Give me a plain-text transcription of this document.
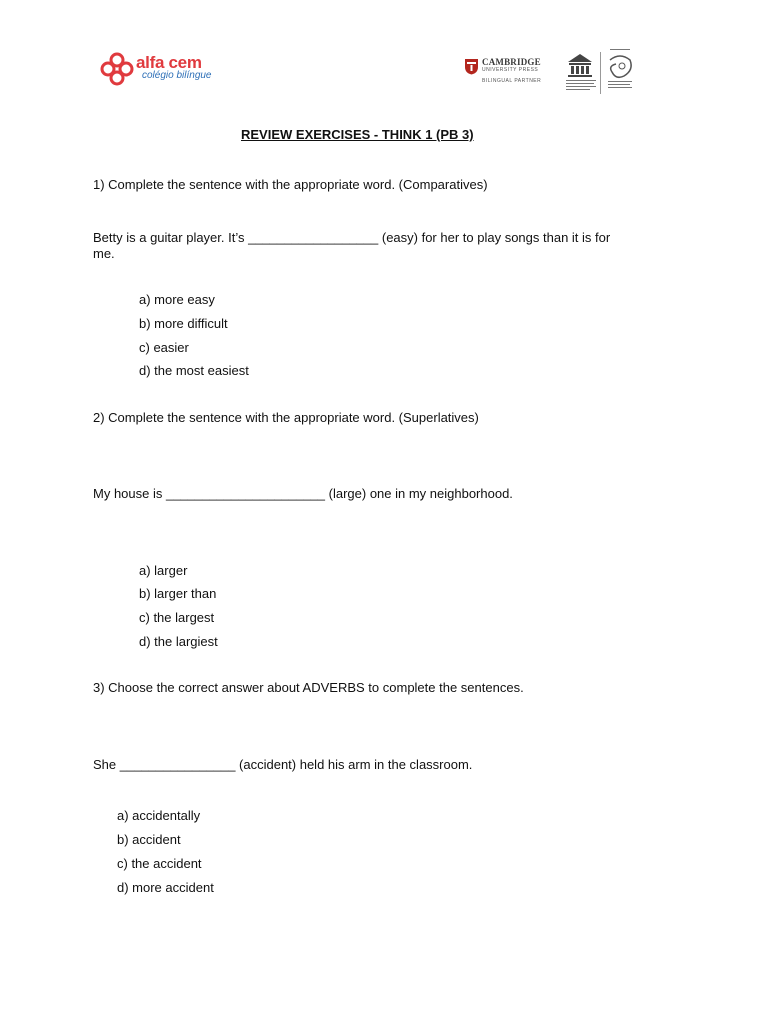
alfa cem
colégio bilíngue
CAMBRIDGE
UNIVERSITY PRESS
BILINGUAL PARTNER
REVIEW EXERCISES - THINK 1 (PB 3)
1) Complete the sentence with the appropriate word. (Comparatives)
Betty is a guitar player. It’s __________________ (easy) for her to play songs than it is for
me.
a) more easy
b) more difficult
c) easier
d) the most easiest
2) Complete the sentence with the appropriate word. (Superlatives)
My house is ______________________ (large) one in my neighborhood.
a) larger
b) larger than
c) the largest
d) the largiest
3) Choose the correct answer about ADVERBS to complete the sentences.
She ________________ (accident) held his arm in the classroom.
a) accidentally
b) accident
c) the accident
d) more accident
